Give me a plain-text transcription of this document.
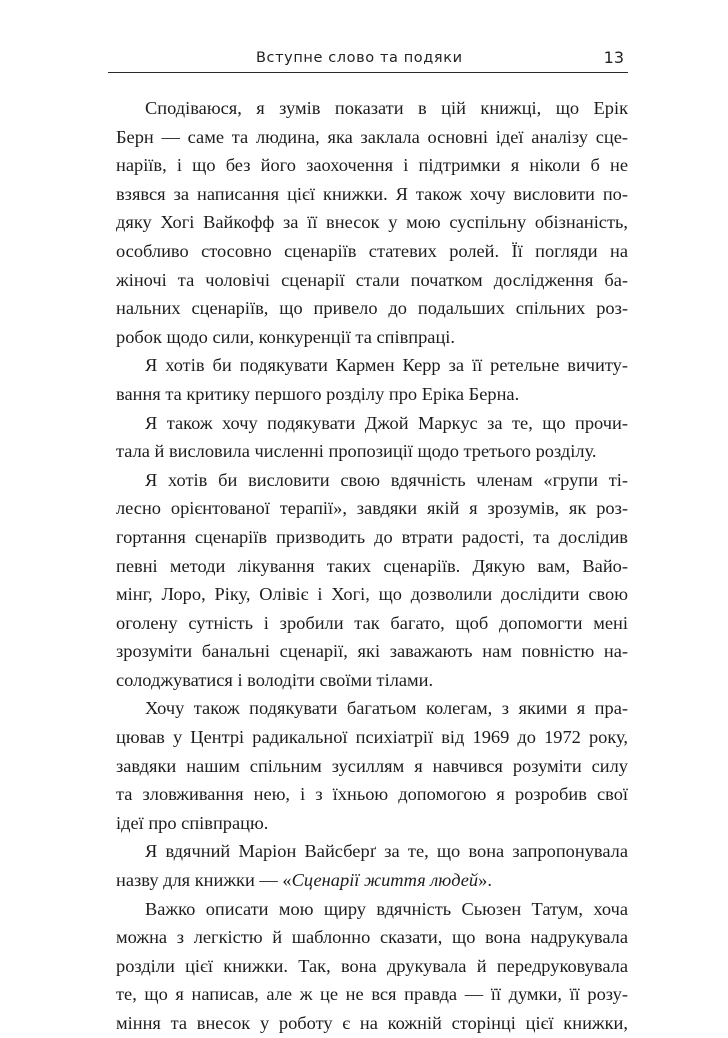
Вступне слово та подяки	13
Сподіваюся, я зумів показати в цій книжці, що Ерік
Берн — саме та людина, яка заклала основні ідеї аналізу сце-
наріїв, і що без його заохочення і підтримки я ніколи б не
взявся за написання цієї книжки. Я також хочу висловити по-
дяку Хогі Вайкофф за її внесок у мою суспільну обізнаність,
особливо стосовно сценаріїв статевих ролей. Її погляди на
жіночі та чоловічі сценарії стали початком дослідження ба-
нальних сценаріїв, що привело до подальших спільних роз-
робок щодо сили, конкуренції та співпраці.
Я хотів би подякувати Кармен Керр за її ретельне вичиту-
вання та критику першого розділу про Еріка Берна.
Я також хочу подякувати Джой Маркус за те, що прочи-
тала й висловила численні пропозиції щодо третього розділу.
Я хотів би висловити свою вдячність членам «групи ті-
лесно орієнтованої терапії», завдяки якій я зрозумів, як роз-
гортання сценаріїв призводить до втрати радості, та дослідив
певні методи лікування таких сценаріїв. Дякую вам, Вайо-
мінг, Лоро, Ріку, Олівіє і Хогі, що дозволили дослідити свою
оголену сутність і зробили так багато, щоб допомогти мені
зрозуміти банальні сценарії, які заважають нам повністю на-
солоджуватися і володіти своїми тілами.
Хочу також подякувати багатьом колегам, з якими я пра-
цював у Центрі радикальної психіатрії від 1969 до 1972 року,
завдяки нашим спільним зусиллям я навчився розуміти силу
та зловживання нею, і з їхньою допомогою я розробив свої
ідеї про співпрацю.
Я вдячний Маріон Вайсберґ за те, що вона запропонувала
назву для книжки — «Сценарії життя людей».
Важко описати мою щиру вдячність Сьюзен Татум, хоча
можна з легкістю й шаблонно сказати, що вона надрукувала
розділи цієї книжки. Так, вона друкувала й передруковувала
те, що я написав, але ж це не вся правда — її думки, її розу-
міння та внесок у роботу є на кожній сторінці цієї книжки,
